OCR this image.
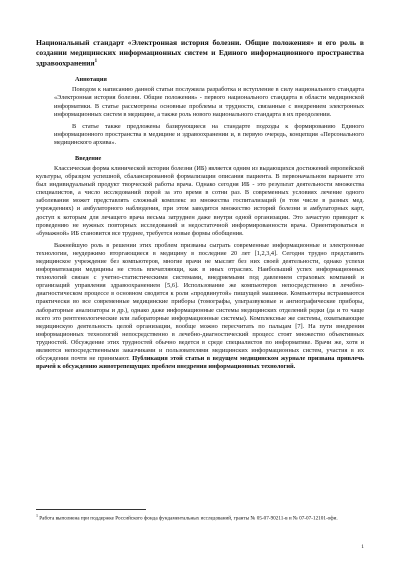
Национальный стандарт «Электронная история болезни. Общие положения» и его роль в создании медицинских информационных систем и Единого информационного пространства здравоохранения$^1$
Аннотация

Поводом к написанию данной статьи послужила разработка и вступление в силу национального стандарта «Электронная история болезни. Общие положения» - первого национального стандарта в области медицинской информатики. В статье рассмотрены основные проблемы и трудности, связанные с внедрением электронных информационных систем в медицине, а также роль нового национального стандарта в их преодолении.

В статье также предложены базирующиеся на стандарте подходы к формированию Единого информационного пространства в медицине и здравоохранении и, в первую очередь, концепция «Персонального медицинского архива».

Введение

Классическая форма клинической истории болезни (ИБ) является одним из выдающихся достижений европейской культуры, образцом успешной, сбалансированной формализации описания пациента. В первоначальном варианте это был индивидуальный продукт творческой работы врача. Однако сегодня ИБ - это результат деятельности множества специалистов, а число исследований порой за это время в сотни раз. В современных условиях лечение одного заболевания может представлять сложный комплекс из множества госпитализаций (в том числе в разных мед. учреждениях) и амбулаторного наблюдения, при этом заводится множество историй болезни и амбулаторных карт, доступ к которым для лечащего врача весьма затруднен даже внутри одной организации. Это зачастую приводит к проведению не нужных повторных исследований и недостаточной информированности врача. Ориентироваться в «бумажной» ИБ становится все труднее, требуется новые формы обобщения.

Важнейшую роль в решении этих проблем призваны сыграть современные информационные и электронные технологии, неудержимо вторгающиеся в медицину в последние 20 лет [1,2,3,4]. Сегодня трудно представить медицинское учреждение без компьютеров, многие врачи не мыслят без них своей деятельности, однако успехи информатизации медицины не столь впечатляющи, как в иных отраслях. Наибольший успех информационных технологий связан с учетно-статистическими системами, внедряемыми под давлением страховых компаний и организаций управления здравоохранением [5,6]. Использование же компьютеров непосредственно в лечебно-диагностическом процессе в основном сводится к роли «продвинутой» пишущей машинки. Компьютеры встраиваются практически во все современные медицинские приборы (томографы, ультразвуковые и ангиографические приборы, лабораторные анализаторы и др.), однако даже информационные системы медицинских отделений редки (да и то чаще всего это рентгенологические или лабораторные информационные системы). Комплексные же системы, охватывающие медицинскую деятельность целой организации, вообще можно пересчитать по пальцам [7]. На пути внедрения информационных технологий непосредственно в лечебно-диагностический процесс стоят множество объективных трудностей. Обсуждение этих трудностей обычно ведется в среде специалистов по информатике. Врачи же, хотя и являются непосредственными заказчиками и пользователями медицинских информационных систем, участия в их обсуждении почти не принимают. Публикация этой статьи в ведущем медицинском журнале призвана привлечь врачей к обсуждению животрепещущих проблем внедрения информационных технологий.

$^1$ Работа выполнена при поддержке Российского фонда фундаментальных исследований, гранты № 05-07-90211-в и № 07-07-12101-офи.
1
